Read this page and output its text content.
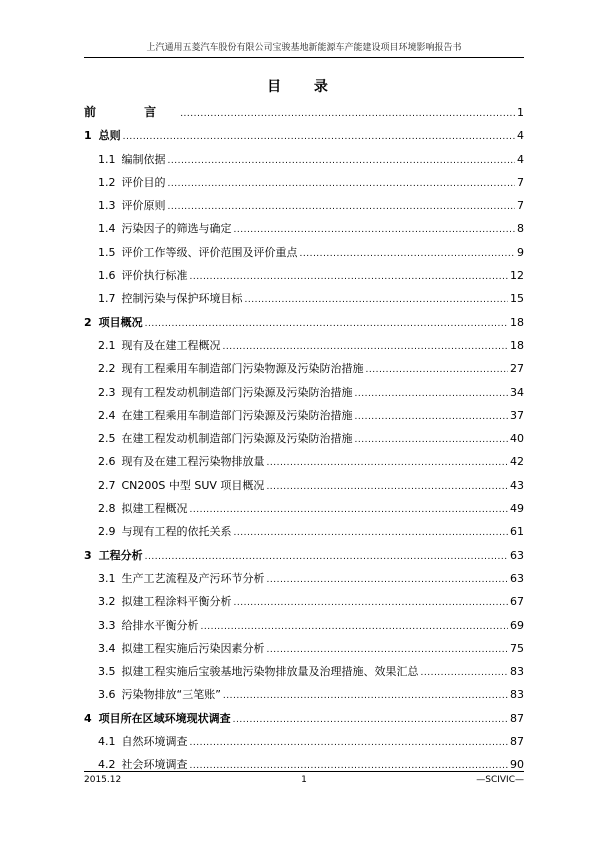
上汽通用五菱汽车股份有限公司宝骏基地新能源车产能建设项目环境影响报告书
目 录
前 言 .....	1
1 总则 .....	4
1.1 编制依据 .....	4
1.2 评价目的 .....	7
1.3 评价原则 .....	7
1.4 污染因子的筛选与确定 .....	8
1.5 评价工作等级、评价范围及评价重点 .....	9
1.6 评价执行标准 .....	12
1.7 控制污染与保护环境目标 .....	15
2 项目概况 .....	18
2.1 现有及在建工程概况 .....	18
2.2 现有工程乘用车制造部门污染物源及污染防治措施 .....	27
2.3 现有工程发动机制造部门污染源及污染防治措施 .....	34
2.4 在建工程乘用车制造部门污染源及污染防治措施 .....	37
2.5 在建工程发动机制造部门污染源及污染防治措施 .....	40
2.6 现有及在建工程污染物排放量 .....	42
2.7 CN200S 中型 SUV 项目概况 .....	43
2.8 拟建工程概况 .....	49
2.9 与现有工程的依托关系 .....	61
3 工程分析 .....	63
3.1 生产工艺流程及产污环节分析 .....	63
3.2 拟建工程涂料平衡分析 .....	67
3.3 给排水平衡分析 .....	69
3.4 拟建工程实施后污染因素分析 .....	75
3.5 拟建工程实施后宝骏基地污染物排放量及治理措施、效果汇总 .....	83
3.6 污染物排放“三笔账” .....	83
4 项目所在区域环境现状调查 .....	87
4.1 自然环境调查 .....	87
4.2 社会环境调查 .....	90
2015.12	1	—SCIVIC—
